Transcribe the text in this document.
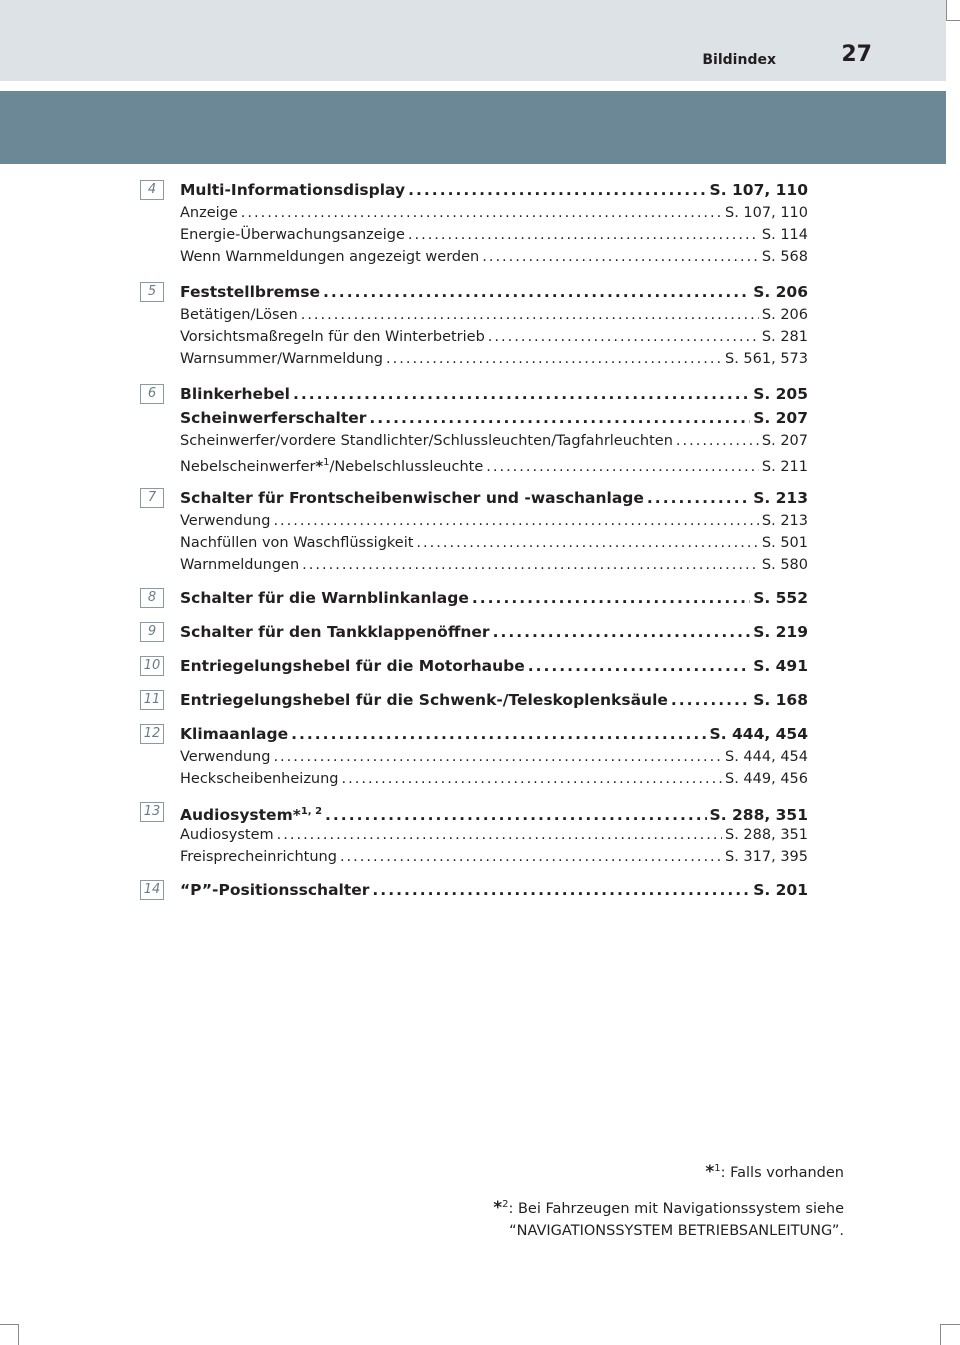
Bildindex	27
4	Multi-Informationsdisplay .....	S. 107, 110
Anzeige .....	S. 107, 110
Energie-Überwachungsanzeige .....	S. 114
Wenn Warnmeldungen angezeigt werden .....	S. 568
5	Feststellbremse .....	S. 206
Betätigen/Lösen .....	S. 206
Vorsichtsmaßregeln für den Winterbetrieb .....	S. 281
Warnsummer/Warnmeldung .....	S. 561, 573
6	Blinkerhebel .....	S. 205
Scheinwerferschalter .....	S. 207
Scheinwerfer/vordere Standlichter/Schlussleuchten/Tagfahrleuchten .....	S. 207
Nebelscheinwerfer*$^1$/Nebelschlussleuchte .....	S. 211
7	Schalter für Frontscheibenwischer und -waschanlage .....	S. 213
Verwendung .....	S. 213
Nachfüllen von Waschflüssigkeit .....	S. 501
Warnmeldungen .....	S. 580
8	Schalter für die Warnblinkanlage .....	S. 552
9	Schalter für den Tankklappenöffner .....	S. 219
10 Entriegelungshebel für die Motorhaube .....	S. 491
11 Entriegelungshebel für die Schwenk-/Teleskoplenksäule .....	S. 168
12 Klimaanlage .....	S. 444, 454
Verwendung .....	S. 444, 454
Heckscheibenheizung .....	S. 449, 456
13 Audiosystem*$^{1, 2}$ .....	S. 288, 351
Audiosystem .....	S. 288, 351
Freisprecheinrichtung .....	S. 317, 395
14 “P”-Positionsschalter .....	S. 201
*$^1$: Falls vorhanden
*$^2$: Bei Fahrzeugen mit Navigationssystem siehe
“NAVIGATIONSSYSTEM BETRIEBSANLEITUNG”.
